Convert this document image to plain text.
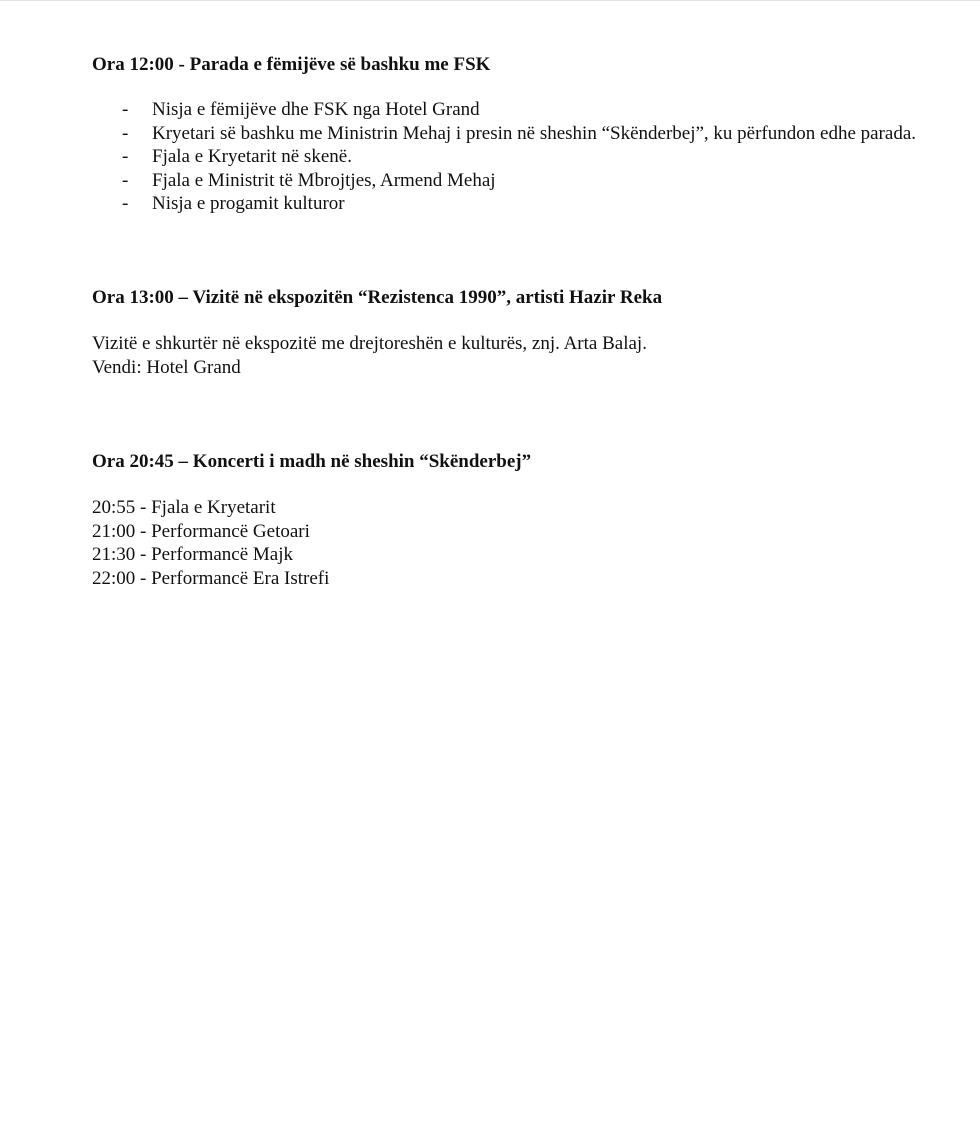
Ora 12:00 - Parada e fëmijëve së bashku me FSK

- Nisja e fëmijëve dhe FSK nga Hotel Grand
- Kryetari së bashku me Ministrin Mehaj i presin në sheshin “Skënderbej”, ku përfundon edhe parada.
- Fjala e Kryetarit në skenë.
- Fjala e Ministrit të Mbrojtjes, Armend Mehaj
- Nisja e progamit kulturor

Ora 13:00 – Vizitë në ekspozitën “Rezistenca 1990”, artisti Hazir Reka

Vizitë e shkurtër në ekspozitë me drejtoreshën e kulturës, znj. Arta Balaj.

Vendi: Hotel Grand

Ora 20:45 – Koncerti i madh në sheshin “Skënderbej”

20:55 - Fjala e Kryetarit

21:00 - Performancë Getoari

21:30 - Performancë Majk

22:00 - Performancë Era Istrefi
